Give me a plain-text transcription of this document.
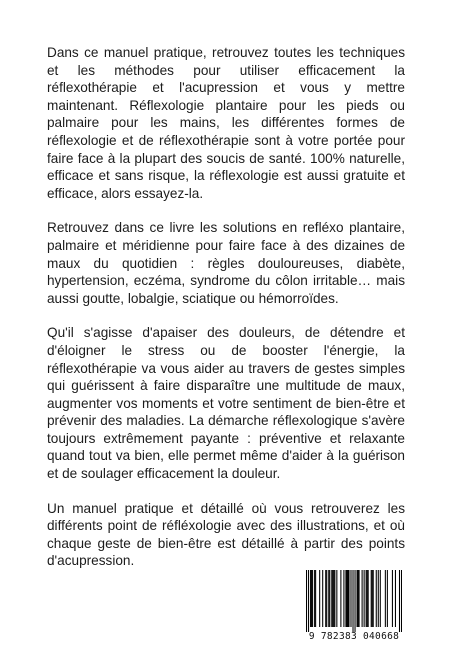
Dans ce manuel pratique, retrouvez toutes les techniques et les méthodes pour utiliser efficacement la réflexothérapie et l'acupression et vous y mettre maintenant. Réflexologie plantaire pour les pieds ou palmaire pour les mains, les différentes formes de réflexologie et de réflexothérapie sont à votre portée pour faire face à la plupart des soucis de santé. 100% naturelle, efficace et sans risque, la réflexologie est aussi gratuite et efficace, alors essayez-la.

Retrouvez dans ce livre les solutions en refléxo plantaire, palmaire et méridienne pour faire face à des dizaines de maux du quotidien : règles douloureuses, diabète, hypertension, eczéma, syndrome du côlon irritable… mais aussi goutte, lobalgie, sciatique ou hémorroïdes.

Qu'il s'agisse d'apaiser des douleurs, de détendre et d'éloigner le stress ou de booster l'énergie, la réflexothérapie va vous aider au travers de gestes simples qui guérissent à faire disparaître une multitude de maux, augmenter vos moments et votre sentiment de bien-être et prévenir des maladies. La démarche réflexologique s'avère toujours extrêmement payante : préventive et relaxante quand tout va bien, elle permet même d'aider à la guérison et de soulager efficacement la douleur.

Un manuel pratique et détaillé où vous retrouverez les différents point de réfléxologie avec des illustrations, et où chaque geste de bien-être est détaillé à partir des points d'acupression.

9 782383 040668
